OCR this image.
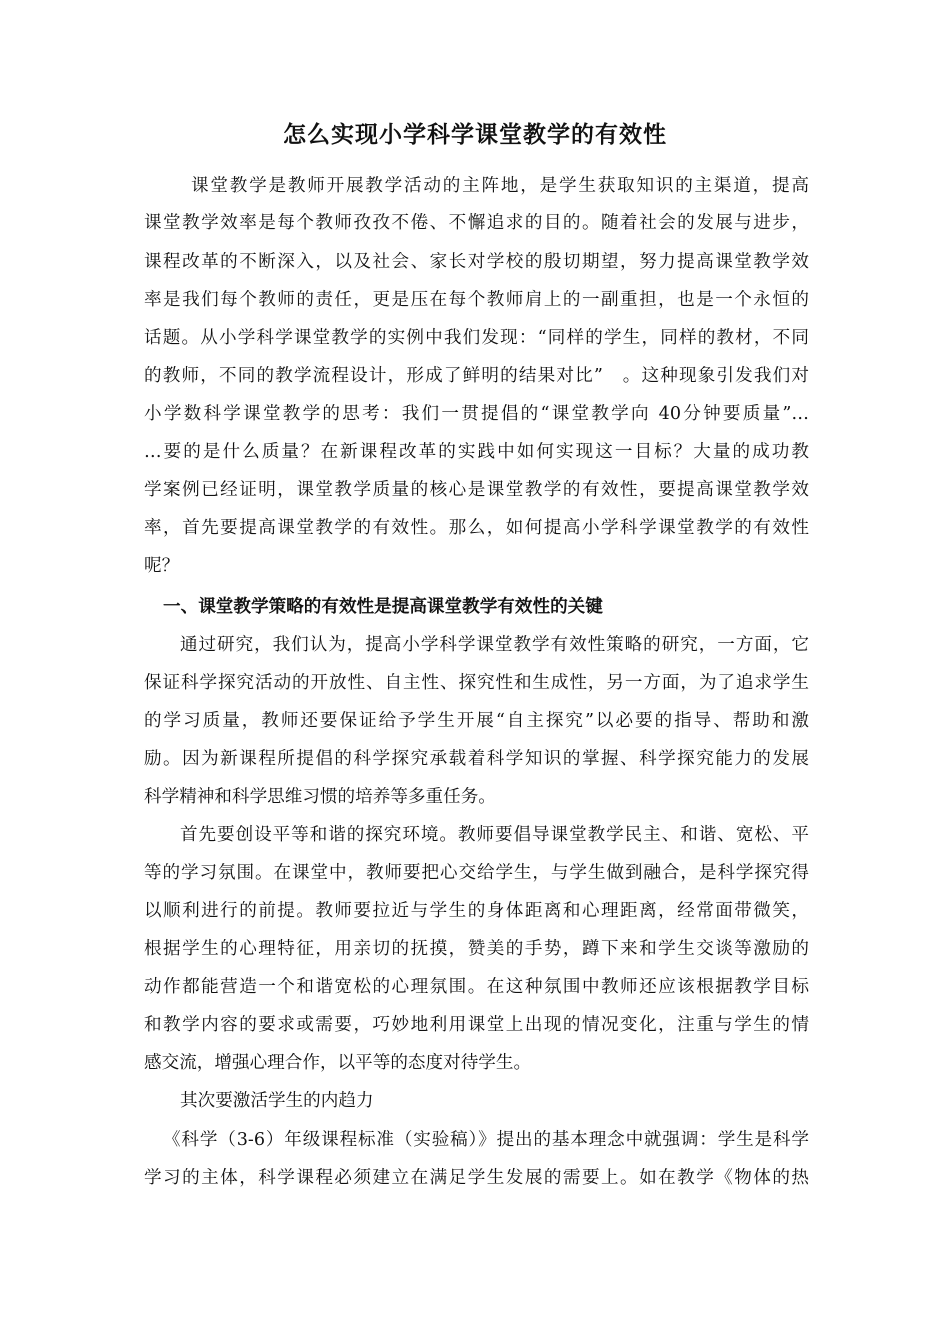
怎么实现小学科学课堂教学的有效性
课堂教学是教师开展教学活动的主阵地，是学生获取知识的主渠道，提高
课堂教学效率是每个教师孜孜不倦、不懈追求的目的。随着社会的发展与进步，
课程改革的不断深入，以及社会、家长对学校的殷切期望，努力提高课堂教学效
率是我们每个教师的责任，更是压在每个教师肩上的一副重担，也是一个永恒的
话题。从小学科学课堂教学的实例中我们发现：“同样的学生，同样的教材，不同
的教师，不同的教学流程设计，形成了鲜明的结果对比”　。这种现象引发我们对
小学数科学课堂教学的思考：我们一贯提倡的“课堂教学向 40分钟要质量”…
…要的是什么质量？在新课程改革的实践中如何实现这一目标？大量的成功教
学案例已经证明，课堂教学质量的核心是课堂教学的有效性，要提高课堂教学效
率，首先要提高课堂教学的有效性。那么，如何提高小学科学课堂教学的有效性
呢？
一、课堂教学策略的有效性是提高课堂教学有效性的关键
通过研究，我们认为，提高小学科学课堂教学有效性策略的研究，一方面，它
保证科学探究活动的开放性、自主性、探究性和生成性，另一方面，为了追求学生
的学习质量，教师还要保证给予学生开展“自主探究”以必要的指导、帮助和激
励。因为新课程所提倡的科学探究承载着科学知识的掌握、科学探究能力的发展
科学精神和科学思维习惯的培养等多重任务。
首先要创设平等和谐的探究环境。教师要倡导课堂教学民主、和谐、宽松、平
等的学习氛围。在课堂中，教师要把心交给学生，与学生做到融合，是科学探究得
以顺利进行的前提。教师要拉近与学生的身体距离和心理距离，经常面带微笑，
根据学生的心理特征，用亲切的抚摸，赞美的手势，蹲下来和学生交谈等激励的
动作都能营造一个和谐宽松的心理氛围。在这种氛围中教师还应该根据教学目标
和教学内容的要求或需要，巧妙地利用课堂上出现的情况变化，注重与学生的情
感交流，增强心理合作，以平等的态度对待学生。
其次要激活学生的内趋力
《科学（3-6）年级课程标准（实验稿）》提出的基本理念中就强调：学生是科学
学习的主体，科学课程必须建立在满足学生发展的需要上。如在教学《物体的热
